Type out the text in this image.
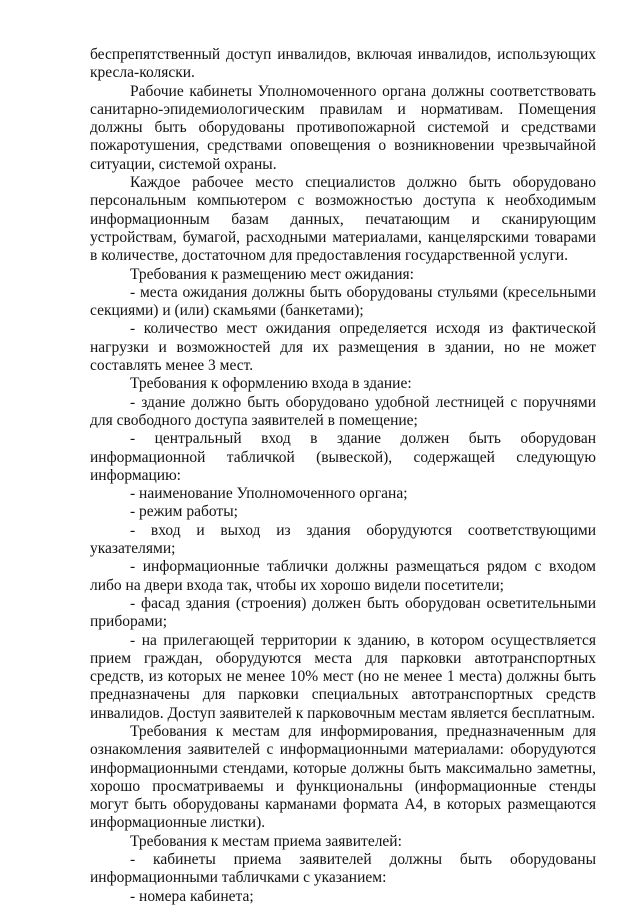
беспрепятственный доступ инвалидов, включая инвалидов, использующих кресла-коляски.

Рабочие кабинеты Уполномоченного органа должны соответствовать санитарно-эпидемиологическим правилам и нормативам. Помещения должны быть оборудованы противопожарной системой и средствами пожаротушения, средствами оповещения о возникновении чрезвычайной ситуации, системой охраны.

Каждое рабочее место специалистов должно быть оборудовано персональным компьютером с возможностью доступа к необходимым информационным базам данных, печатающим и сканирующим устройствам, бумагой, расходными материалами, канцелярскими товарами в количестве, достаточном для предоставления государственной услуги.

Требования к размещению мест ожидания:

- места ожидания должны быть оборудованы стульями (кресельными секциями) и (или) скамьями (банкетами);

- количество мест ожидания определяется исходя из фактической нагрузки и возможностей для их размещения в здании, но не может составлять менее 3 мест.

Требования к оформлению входа в здание:

- здание должно быть оборудовано удобной лестницей с поручнями для свободного доступа заявителей в помещение;

- центральный вход в здание должен быть оборудован информационной табличкой (вывеской), содержащей следующую информацию:

- наименование Уполномоченного органа;

- режим работы;

- вход и выход из здания оборудуются соответствующими указателями;

- информационные таблички должны размещаться рядом с входом либо на двери входа так, чтобы их хорошо видели посетители;

- фасад здания (строения) должен быть оборудован осветительными приборами;

- на прилегающей территории к зданию, в котором осуществляется прием граждан, оборудуются места для парковки автотранспортных средств, из которых не менее 10% мест (но не менее 1 места) должны быть предназначены для парковки специальных автотранспортных средств инвалидов. Доступ заявителей к парковочным местам является бесплатным.

Требования к местам для информирования, предназначенным для ознакомления заявителей с информационными материалами: оборудуются информационными стендами, которые должны быть максимально заметны, хорошо просматриваемы и функциональны (информационные стенды могут быть оборудованы карманами формата А4, в которых размещаются информационные листки).

Требования к местам приема заявителей:

- кабинеты приема заявителей должны быть оборудованы информационными табличками с указанием:

- номера кабинета;
